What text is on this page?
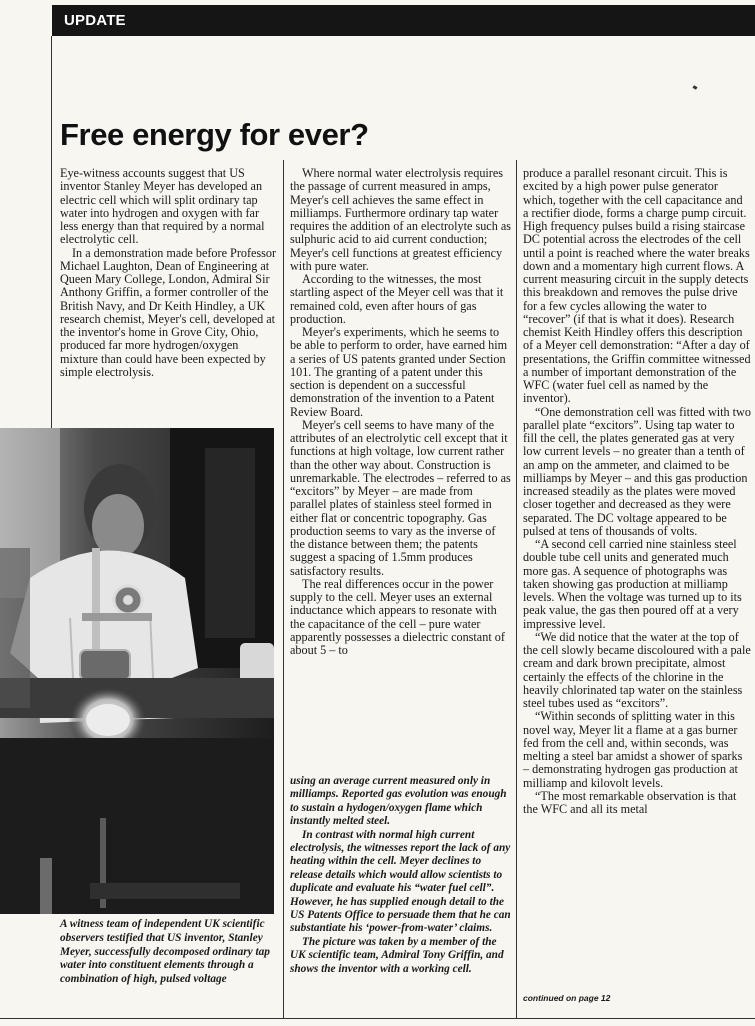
UPDATE
Free energy for ever?

Eye-witness accounts suggest that US inventor Stanley Meyer has developed an electric cell which will split ordinary tap water into hydrogen and oxygen with far less energy than that required by a normal electrolytic cell.

In a demonstration made before Professor Michael Laughton, Dean of Engineering at Queen Mary College, London, Admiral Sir Anthony Griffin, a former controller of the British Navy, and Dr Keith Hindley, a UK research chemist, Meyer's cell, developed at the inventor's home in Grove City, Ohio, produced far more hydrogen/oxygen mixture than could have been expected by simple electrolysis.

Where normal water electrolysis requires the passage of current measured in amps, Meyer's cell achieves the same effect in milliamps. Furthermore ordinary tap water requires the addition of an electrolyte such as sulphuric acid to aid current conduction; Meyer's cell functions at greatest efficiency with pure water.

According to the witnesses, the most startling aspect of the Meyer cell was that it remained cold, even after hours of gas production.

Meyer's experiments, which he seems to be able to perform to order, have earned him a series of US patents granted under Section 101. The granting of a patent under this section is dependent on a successful demonstration of the invention to a Patent Review Board.

Meyer's cell seems to have many of the attributes of an electrolytic cell except that it functions at high voltage, low current rather than the other way about. Construction is unremarkable. The electrodes – referred to as “excitors” by Meyer – are made from parallel plates of stainless steel formed in either flat or concentric topography. Gas production seems to vary as the inverse of the distance between them; the patents suggest a spacing of 1.5mm produces satisfactory results.

The real differences occur in the power supply to the cell. Meyer uses an external inductance which appears to resonate with the capacitance of the cell – pure water apparently possesses a dielectric constant of about 5 – to

using an average current measured only in milliamps. Reported gas evolution was enough to sustain a hydogen/oxygen flame which instantly melted steel.

In contrast with normal high current electrolysis, the witnesses report the lack of any heating within the cell. Meyer declines to release details which would allow scientists to duplicate and evaluate his “water fuel cell”. However, he has supplied enough detail to the US Patents Office to persuade them that he can substantiate his ‘power-from-water’ claims.

The picture was taken by a member of the UK scientific team, Admiral Tony Griffin, and shows the inventor with a working cell.

produce a parallel resonant circuit. This is excited by a high power pulse generator which, together with the cell capacitance and a rectifier diode, forms a charge pump circuit. High frequency pulses build a rising staircase DC potential across the electrodes of the cell until a point is reached where the water breaks down and a momentary high current flows. A current measuring circuit in the supply detects this breakdown and removes the pulse drive for a few cycles allowing the water to “recover” (if that is what it does). Research chemist Keith Hindley offers this description of a Meyer cell demonstration: “After a day of presentations, the Griffin committee witnessed a number of important demonstration of the WFC (water fuel cell as named by the inventor).

“One demonstration cell was fitted with two parallel plate “excitors”. Using tap water to fill the cell, the plates generated gas at very low current levels – no greater than a tenth of an amp on the ammeter, and claimed to be milliamps by Meyer – and this gas production increased steadily as the plates were moved closer together and decreased as they were separated. The DC voltage appeared to be pulsed at tens of thousands of volts.

“A second cell carried nine stainless steel double tube cell units and generated much more gas. A sequence of photographs was taken showing gas production at milliamp levels. When the voltage was turned up to its peak value, the gas then poured off at a very impressive level.

“We did notice that the water at the top of the cell slowly became discoloured with a pale cream and dark brown precipitate, almost certainly the effects of the chlorine in the heavily chlorinated tap water on the stainless steel tubes used as “excitors”.

“Within seconds of splitting water in this novel way, Meyer lit a flame at a gas burner fed from the cell and, within seconds, was melting a steel bar amidst a shower of sparks – demonstrating hydrogen gas production at milliamp and kilovolt levels.

“The most remarkable observation is that the WFC and all its metal

A witness team of independent UK scientific observers testified that US inventor, Stanley Meyer, successfully decomposed ordinary tap water into constituent elements through a combination of high, pulsed voltage
continued on page 12
